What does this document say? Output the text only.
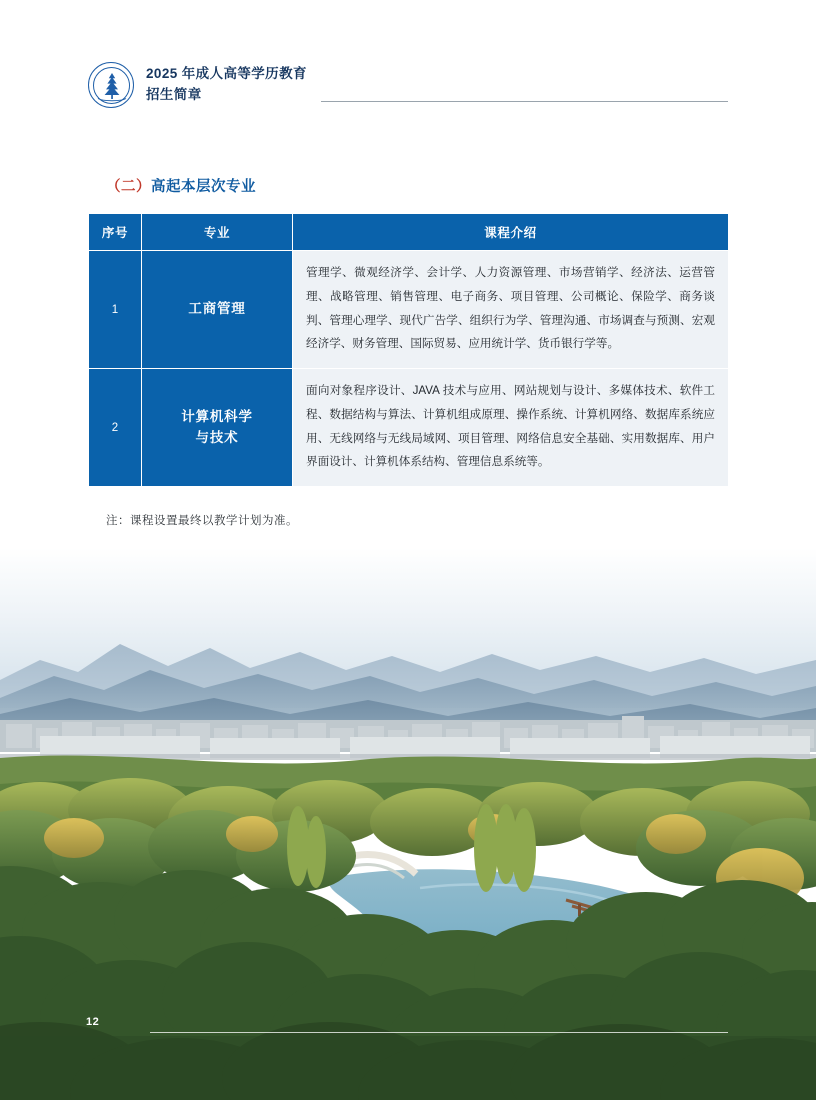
2025 年成人高等学历教育
招生简章
（二）高起本层次专业
序号	专业	课程介绍
1	工商管理	管理学、微观经济学、会计学、人力资源管理、市场营销学、经济法、运营管理、战略管理、销售管理、电子商务、项目管理、公司概论、保险学、商务谈判、管理心理学、现代广告学、组织行为学、管理沟通、市场调查与预测、宏观经济学、财务管理、国际贸易、应用统计学、货币银行学等。
2	计算机科学
与技术	面向对象程序设计、JAVA 技术与应用、网站规划与设计、多媒体技术、软件工程、数据结构与算法、计算机组成原理、操作系统、计算机网络、数据库系统应用、无线网络与无线局域网、项目管理、网络信息安全基础、实用数据库、用户界面设计、计算机体系结构、管理信息系统等。
注：课程设置最终以教学计划为准。
12
